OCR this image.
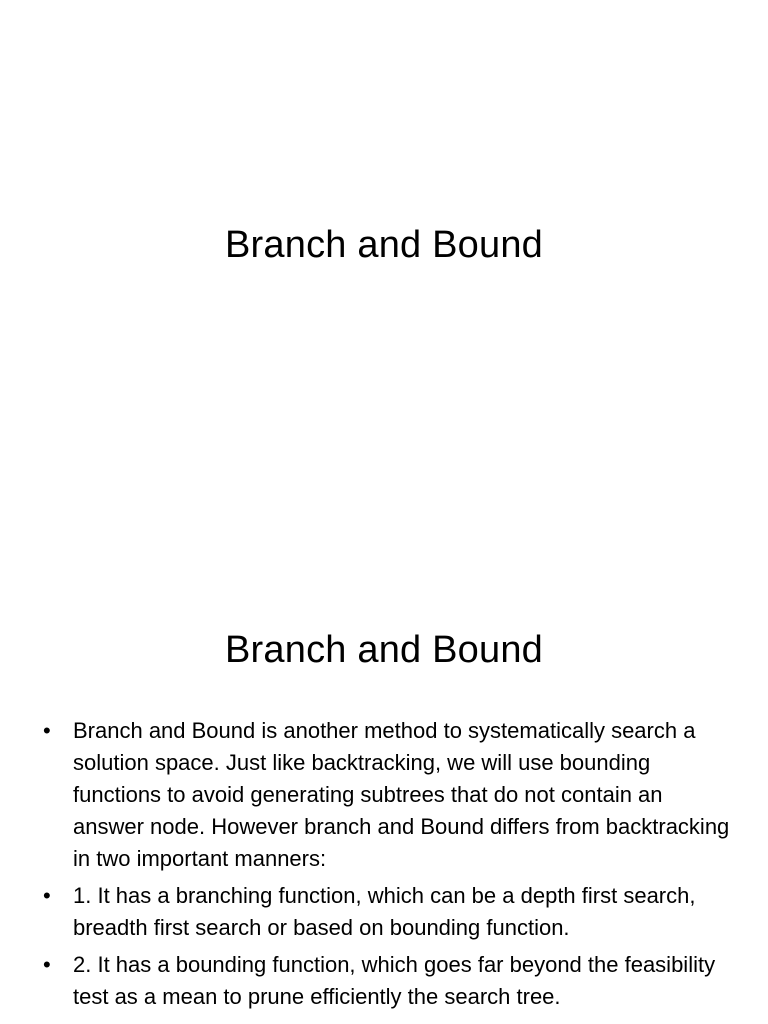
Branch and Bound
Branch and Bound
•	Branch and Bound is another method to systematically search a solution space. Just like backtracking, we will use bounding functions to avoid generating subtrees that do not contain an answer node. However branch and Bound differs from backtracking in two important manners:
•	1. It has a branching function, which can be a depth first search, breadth first search or based on bounding function.
•	2. It has a bounding function, which goes far beyond the feasibility test as a mean to prune efficiently the search tree.
